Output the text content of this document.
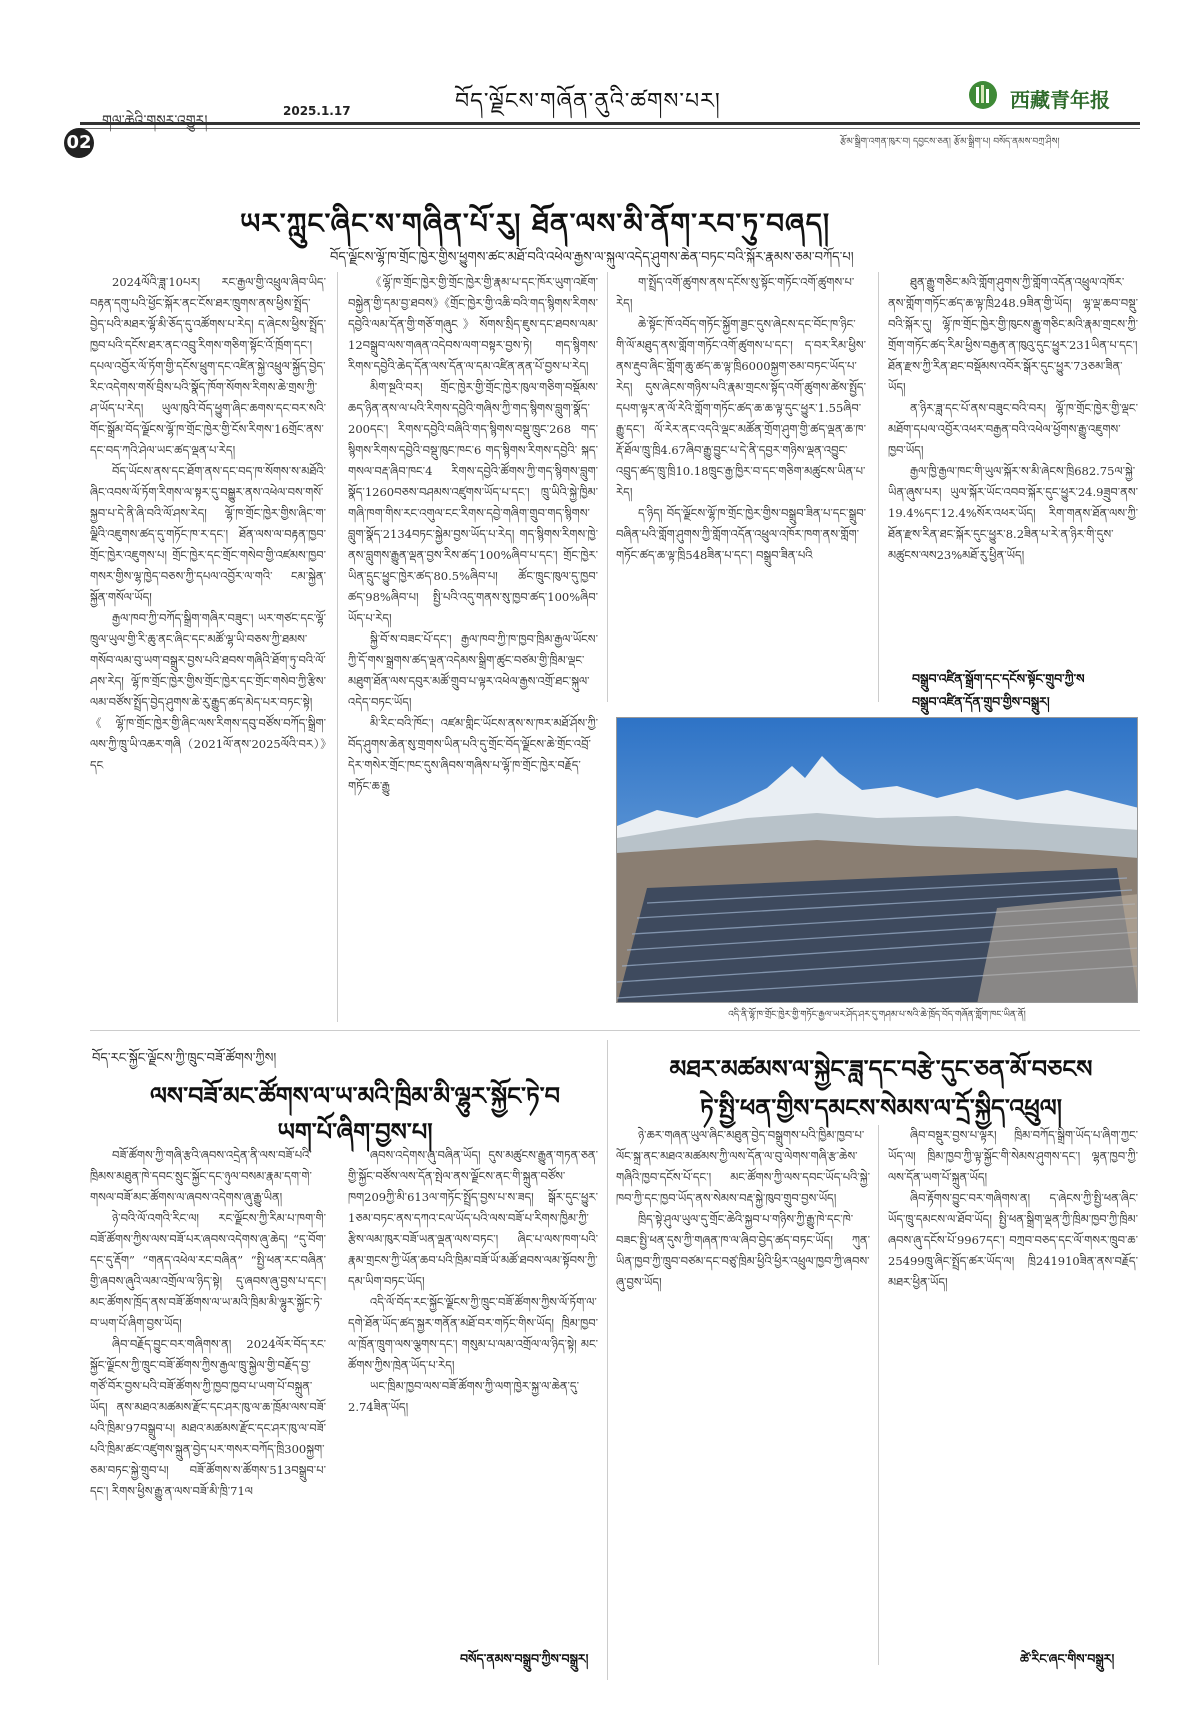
02
གལ་ཆེའི་གསར་འགྱུར།
2025.1.17	བོད་ལྗོངས་གཞོན་ནུའི་ཚགས་པར།	西藏青年报
རྩོམ་སྒྲིག་འགན་ཁུར་བ། དབྱངས་ཅན། རྩོམ་སྒྲིག་པ། བསོད་ནམས་བཀྲ་ཤིས།
ཡར་ཀླུང་ཞིང་ས་གཞིན་པོ་རུ། ཐོན་ལས་མི་ནོག་རབ་ཏུ་བཞད།
བོད་ལྗོངས་ལྷོ་ཁ་གྲོང་ཁྱེར་གྱིས་ཕྱུགས་ཚང་མཐོ་བའི་འཕེལ་རྒྱས་ལ་སྐུལ་འདེད་ཤུགས་ཆེན་བཏང་བའི་སྐོར་རྣམས་ཅམ་བཀོད་པ།

2024ལོའི་ཟླ་10པར། རང་རྒྱལ་གྱི་འཕྲུལ་ཞིབ་ཡིད་བརྟན་དགུ་པའི་ཕྱོང་སྐོར་ནང་ངོས་ཐར་ཁྲུགས་ནས་ཕྱིས་སྤྲོད་བྱེད་པའི་མཐར་ལྷོ་མི་ཅོད་དུ་འཚོགས་པ་རེད། ད་ཞེངས་ཕྱིས་སྤྲོད་ཁྱབ་པའི་དངོས་ཐར་ནང་འབྲུ་རིགས་གཅིག་སྟོང་འོ་ཁྲོག་དང་། དཔལ་འབྱོར་ལོ་ཏོག་གྱི་དངོས་ཕྲུག་དང་འཛིན་སྐྱེ་འཕྲུལ་སྐྱོད་བྱེད་རིང་འདེགས་གསོ་བྲིས་པའི་སྣོད་ཁོག་སོགས་རིགས་ཆེ་གྲས་ཀྱི་ཤ་ཡོད་པ་རེད། ཡུལ་ཁུའི་བོད་ཕྱུག་ཞིང་ཆགས་དང་བར་སའི་གོང་སྒྲོམ་བོད་ལྗོངས་ལྷོ་ཁ་གྲོང་ཁྱེར་གྱི་ངོས་རིགས་16གྲོང་ནས་དང་བད་ཀའི་ཤེལ་ཡང་ཚད་ལྡན་པ་རེད།

བོད་ཡོངས་ནས་དང་ཐོག་ནས་དང་བད་ཁ་སོགས་ས་མཐོའི་ཞིང་འབས་ལོ་ཏོག་རིགས་ལ་སྟར་དུ་བསྒྱུར་ནས་འཕེལ་བས་གསོ་སྐྱབ་པ་དེ་ནི་ཞི་བའི་ལོ་ཤས་རེད། ལྷོ་ཁ་གྲོང་ཁྱེར་གྱིས་ཞིང་ག་ལྗིའི་འཇུགས་ཚད་དུ་གཏོང་ཁ་ར་དང་། ཐོན་ལས་ལ་བརྟན་ཁྱབ་གྲོང་ཁྱེར་འཇུགས་པ། གྲོང་ཁྱེར་དང་གྲོང་གསེབ་གྱི་འཛམས་ཁྱབ་གསར་གྱིས་ལྷ་ཁྱེད་བཅས་ཀྱི་དཔལ་འབྱོར་ལ་གའི་ ངམ་སྐྱེན་སྐྱོན་གསོལ་ཡོད།

རྒྱལ་ཁབ་ཀྱི་བཀོད་སྒྲིག་གཞིར་བཟུང་། ཡར་གཙང་དང་ལྷོ་ཁྲུལ་ཡུལ་གྱི་རི་ཆུ་ནང་ཞིང་དང་མཚོ་ལྷ་ཡི་བཅས་ཀྱི་ཐམས་གསོབ་ལམ་བུ་ཡག་བསྒྲུར་བྱས་པའི་ཐབས་གཞིའི་ཐོག་ཏུ་བའི་ལོ་ཤས་རེད། ལྷོ་ཁ་གྲོང་ཁྱེར་གྱིས་གྲོང་ཁྱེར་དང་གྲོང་གསེབ་ཀྱི་རྩིས་ལམ་བཙོས་སྤྲོད་བྱེད་ཤུགས་ཆེ་རུ་རྒྱུད་ཚད་མེད་པར་བཏང་སྟེ། 《ལྷོ་ཁ་གྲོང་ཁྱེར་གྱི་ཞིང་ལས་རིགས་དབུ་བཙོས་བཀོད་སྒྲིག་ལས་ཀྱི་ཁྲུ་ཡི་འཆར་གཞི（2021ལོ་ནས་2025ལོའི་བར）》དང

《ལྷོ་ཁ་གྲོང་ཁྱེར་གྱི་གྲོང་ཁྱེར་གྱི་རྣམ་པ་དང་ཁོར་ཡུག་འཇོག་བསྐྱེན་གྱི་དམ་བྱ་ཐབས》《གྲོང་ཁྱེར་གྱི་འཆི་བའི་གད་སྙིགས་རིགས་དབྱེའི་ལམ་དོན་གྱི་གཅོ་གཞུང》སོགས་སྲིད་ཇུས་དང་ཐབས་ལམ་12བསྒྲུབ་ལས་གཞན་འདེབས་ལག་བསྟར་བྱས་ཏེ། གད་སྙིགས་རིགས་དབྱེའི་ཆེད་དོན་ལས་དོན་ལ་དམ་འཛིན་ནན་པོ་བྱས་པ་རེད།

མིག་སྔའི་བར། གྲོང་ཁྱེར་གྱི་གྲོང་ཁྱེར་ཁུལ་གཅིག་བསྡོམས་ཆད་ཉིན་ནས་ལ་པའི་རིགས་དབྱེའི་གཞིས་ཀྱི་གད་སྙིགས་བླུག་སྣོད་200དང་། རིགས་དབྱེའི་བཞིའི་གད་སྙིགས་བསྡུ་ཁྲུང་268 གད་སྙིགས་རིགས་དབྱེའི་བསྡུ་ཁུང་ཁང་6 གད་སྙིགས་རིགས་དབྱེའི་ སྐད་གསལ་བརྡ་ཞིབ་ཁང་4 རིགས་དབྱེའི་ཚོགས་ཀྱི་གད་སྙིགས་བླུག་སྣོད་1260བཅས་བཤམས་འཛུགས་ཡོད་པ་དང་། ཁྲུ་ཡིའི་སྐྱེ་ཁྱིམ་གཞི་ཁག་གིས་རང་འགུལ་ངང་རིགས་དབྱེ་གཞིག་གྲུབ་གད་སྙིགས་བླུག་སྣོད་2134བཏང་སྐྱེམ་བྱས་ཡོད་པ་རེད། གད་སྙིགས་རིགས་ཁྱེ་ནས་བླུགས་རྒྱུན་ལྡན་བྱས་རིས་ཚད་100%ཞིབ་པ་དང་། གྲོང་ཁྱེར་ཡིན་དྲུང་ཕྱུང་ཁྱེར་ཚད་80.5%ཞིབ་པ། ཚོང་ཁྲུང་ཁུལ་དུ་ཁྱབ་ཚད་98%ཞིབ་པ། སྤྱི་པའི་འདུ་གནས་སུ་ཁྱབ་ཚད་100%ཞིབ་ཡོད་པ་རེད།

སྐྱི་བོ་ས་བཟང་པོ་དང་། རྒྱལ་ཁབ་ཀྱི་ཁ་ཁྱབ་ཁྲིམ་རྒྱལ་ཡོངས་ཀྱི་དོ་གས་སྒྲགས་ཚད་ལྡན་འདེམས་སྒྲིག་ཚུང་བཙམ་གྱི་ཁྲིམ་ལྡང་མཐུག་ཐོན་ལས་དབུར་མཚོ་གྲུབ་པ་ལྟར་འཕེལ་རྒྱས་འགྲོ་ཐང་སྐུལ་འདེད་བཏང་ཡོད།

མི་རིང་བའི་ཁོང་། འཛམ་གླིང་ཡོངས་ནས་ས་ཁར་མཐོ་ཤོས་ཀྱི་བོད་ཤུགས་ཆེན་སུ་གྲགས་ཡིན་པའི་དུ་གྲོང་བོད་ལྗོངས་ཆེ་གྲོང་འབྲོ་དེར་གསེར་གྲོང་ཁང་དུས་ཞིབས་གཞིས་པ་ལྷོ་ཁ་གྲོང་ཁྱེར་བརྗོད་གཏོང་ཆ་རྒྱུ

ག་སྤྲོད་འགོ་ཚུགས་ནས་དངོས་སུ་སྟོང་གཏོང་འགོ་ཚུགས་པ་རེད།

ཆེ་སྟོང་ཁོ་འབོད་གཏོང་སྐྱོག་ཟྱང་དུས་ཞེངས་དང་བོང་ཁ་ཉིང་གི་ལོ་མཐུད་ནས་གློག་གཏོང་འགོ་ཚུགས་པ་དང་། ད་བར་རིམ་ཕྱིས་ནས་རྡུབ་ཞིང་གློག་ཆུ་ཚད་ཆ་ལྟ་ཁྲི6000སྐྱག་ཅམ་བཏང་ཡོད་པ་རེད། དུས་ཞེངས་གཉིས་པའི་རྣམ་གྲངས་སྟོད་འགོ་ཚུགས་ཚེས་སྤྱོད་དཔག་ལྟར་ན་ལོ་རེའི་གློག་གཏོང་ཚད་ཆ་ཆ་ལྟ་དུང་ཕྱུར་1.55ཞིབ་རྒྱུ་དང་། ལོ་རེར་ནང་འདའི་ལྡང་མཚོན་གྲོག་ཤུག་གྱི་ཚད་ལྡན་ཆ་ཁ་རྡོ་ཐོལ་ཁྲུ་ཁྲི4.67ཞིབ་རྒྱུ་བྱུང་པ་དེ་ནི་དབྱར་གཉིས་ལྡན་འབྱུང་འབྲུད་ཚད་ཁྲུ་ཁྲི10.18ཁྲུང་རྒྱ་ཁྱིར་བ་དང་གཅིག་མཚུངས་ཡིན་པ་རེད།

ད་ཉིད། བོད་ལྗོངས་ལྷོ་ཁ་གྲོང་ཁྱེར་གྱིས་བསྒྲུབ་ཟིན་པ་དང་སྒྲུབ་བཞིན་པའི་གློག་ཤུགས་ཀྱི་གློག་འདོན་འཕྲུལ་འཁོར་ཁག་ནས་གློག་གཏོང་ཚད་ཆ་ལྟ་ཁྲི548ཟིན་པ་དང་། བསྒྲུབ་ཟིན་པའི

ཐུན་རྒྱུ་གཅིང་མའི་གློག་ཤུགས་ཀྱི་གློག་འདོན་འཕྲུལ་འཁོར་ནས་གློག་གཏོང་ཚད་ཆ་ལྟ་ཁྲི248.9ཟིན་གྱི་ཡོད། ལྷ་ལྡ་ཆབ་བསྡུ་བའི་སྐོར་དུ། ལྷོ་ཁ་གྲོང་ཁྱེར་གྱི་ཁུངས་རྒྱུ་གཅིང་མའི་རྣམ་གྲངས་ཀྱི་གྲོག་གཏོང་ཚད་རིམ་ཕྱིས་བརྒྱན་ན་ཁུའུ་དུང་ཕྱུར་231ཡིན་པ་དང་། ཐོན་རྫས་ཀྱི་རིན་ཐང་བསྡོམས་འབོར་སྒོར་དུང་ཕྱུར་73ཅམ་ཟིན་ཡོད།

ན་ཉིར་ཟླ་དང་པོ་ནས་བཟུང་བའི་བར། ལྷོ་ཁ་གྲོང་ཁྱེར་གྱི་ལྡང་མཐོག་དཔལ་འབྱོར་འཕར་བརྒྱན་བའི་འཕེལ་ཕྱོགས་རྒྱུ་འཇུགས་ཁྱབ་ཡོད།

རྒྱལ་ཁྱི་རྒྱལ་ཁང་གི་ཡུལ་སྐོར་ས་མི་ཞེངས་ཁྲི682.75ལ་སྐྱེ་ཡིན་ཞུས་པར། ཡུལ་སྐོར་ཡོང་འབབ་སྐོར་དུང་ཕྱུར་24.9ཟྲུབ་ནས་19.4%དང་12.4%སོར་འཕར་ཡོད། རིག་གནས་ཐོན་ལས་ཀྱི་ཐོན་རྫས་རིན་ཐང་སྐོར་དུང་ཕྱུར་8.2ཟིན་པ་རེ་ན་ཉིར་གི་དུས་མཚུངས་ལས23%མཐོ་རུ་ཕྱིན་ཡོད།

བསྒྲུབ་འཛིན་སྒྲོག་དང་དངོས་སྟོང་གྲུབ་ཀྱི་ས
བསྒྲུབ་འཛིན་དོན་གྲུབ་གྱིས་བསྒྲུར།
འདི་ནི་ལྷོ་ཁ་གྲོང་ཁྱེར་གྱི་གཏོང་རྒྱལ་ཡར་ཤོད་ཤར་དུ་གཤམ་པ་སའི་ཆེ་ཁྲོད་བོད་གཞོན་གློག་ཁང་ཡིན་ནོ།
བོད་རང་སྐྱོང་ལྗོངས་ཀྱི་ཁྲུང་བཟོ་ཚོགས་ཀྱིས།
ལས་བཟོ་མང་ཚོགས་ལ་ཡ་མའི་ཁྲིམ་མི་ལྷུར་སྐྱོང་ཏེ་བ
ཡག་པོ་ཞིག་བྱས་པ།

བཟོ་ཚོགས་ཀྱི་གཞི་རྩའི་ཞབས་འདྲེན་ནི་ལས་བཟོ་པའི་ཁྲིམས་མཐུན་ཁེ་དབང་སྲུང་སྐྱོང་དང་ཉུལ་བསམ་རྣམ་དག་གེ་གསལ་བཟོ་མང་ཚོགས་ལ་ཞབས་འདེགས་ཞུ་རྒྱུ་ཡིན།

ཉེ་བའི་ལོ་འགའི་རིང་ལ། རང་ལྗོངས་ཀྱི་རིམ་པ་ཁག་གི་བཟོ་ཚོགས་ཀྱིས་ལས་བཟོ་པར་ཞབས་འདེགས་ཞུ་ཆེད། “དུ་བོག་དང་དུ་རྡོག” “གནད་འཕེལ་རང་བཞིན” “སྤྱི་ཕན་རང་བཞིན་གྱི་ཞབས་ཞུའི་ལམ་འགྲོལ་ལ་ཉིད་སྟེ། དུ་ཞབས་ཞུ་བྱས་པ་དང་། མང་ཚོགས་ཁྲོད་ནས་བཟོ་ཚོགས་ལ་ཡ་མའི་ཁྲིམ་མི་ལྷུར་སྐྱོང་ཏེ་བ་ཡག་པོ་ཞིག་བྱས་ཡོད།

ཞིབ་བརྗོད་བྱུང་བར་གཞིགས་ན། 2024ལོར་བོད་རང་སྐྱོང་ལྗོངས་ཀྱི་ཁྲུང་བཟོ་ཚོགས་ཀྱིས་རྒྱལ་ཁྲུ་སྐྱེལ་གྱི་བརྗོད་བྱ་གཙོ་བོར་བྱས་པའི་བཟོ་ཚོགས་ཀྱི་ཁྱབ་ཁྱབ་པ་ཡག་པོ་བསྐྲུན་ཡོད། ནས་མཐའ་མཚམས་རྫོང་དང་ཤར་ཁུ་ལ་ཆ་ཁྲོམ་ལས་བཟོ་པའི་ཁྲིམ་97བསྒྲུབ་པ། མཐའ་མཚམས་རྫོང་དང་ཤར་ཁུ་ལ་བཟོ་པའི་ཁྲིམ་ཚང་འཛུགས་སྐྲུན་བྱེད་པར་གསར་བཀོད་ཁྲི300སྐྱག་ཅམ་བཏང་སྐྱེ་གྲུབ་པ། བཟོ་ཚོགས་ས་ཚོགས་513བསྒྲུབ་པ་དང་། རིགས་ཕྱིས་རྒྱུ་ན་ལས་བཟོ་མི་ཁྲི་71ལ

ཞབས་འདེགས་ཞུ་བཞིན་ཡོད། དུས་མཚུངས་རྒྱུན་གཏན་ཅན་གྱི་སྐྱོང་བཙོས་ལས་དོན་སྤེལ་ནས་ལྗོངས་ནང་གི་སྐྲུན་བཙོས་ཁག209ཀྱི་མི་613ལ་གཏོང་སྤྲོད་བྱས་པ་ས་ཟད། སྒོར་དུང་ཕྱུར་1ཅམ་བཏང་ནས་དཀའ་ངལ་ཡོད་པའི་ལས་བཟོ་པ་རིགས་ཁྱིམ་ཀྱི་རྩིས་ལམ་ཁུར་བཟོ་ཡན་ལྡན་ལས་བཏང་། ཞིང་པ་ལས་ཁག་པའི་རྣམ་གྲངས་ཀྱི་ཡོན་ཆབ་པའི་ཁྲིམ་བཟོ་ཡོ་མཚོ་ཐབས་ལམ་སྟོབས་ཀྱི་དམ་ཡིག་བཏང་ཡོད།

འདི་ལོ་བོད་རང་སྐྱོང་ལྗོངས་ཀྱི་ཁྲུང་བཟོ་ཚོགས་ཀྱིས་ལོ་ཏོག་ལ་དགེ་ཐོན་ཡོད་ཚད་སྐྱར་གནོན་མཐོ་བར་གཏོང་གིས་ཡོད། ཁྲིམ་ཁྱབ་ལ་ཁྲོན་ཁྲུག་ལས་ལྕགས་དང་། གསུམ་པ་ལམ་འགྲོལ་ལ་ཉིད་སྟེ། མང་ཚོགས་ཀྱིས་ཁྲེན་ཡོད་པ་རེད།

ཡང་ཁྲིམ་ཁྱབ་ལས་བཟོ་ཚོགས་ཀྱི་ལག་ཁྱེར་སྐྱ་ལ་ཆེན་དུ་2.74ཟིན་ཡོད།

བསོད་ནམས་བསྒྲུབ་ཀྱིས་བསྒྲུར།
མཐར་མཚམས་ལ་སྐྱེང་ཟླ་དང་བརྩེ་དུང་ཅན་མོ་བཅངས
ཏེ་སྤྱི་ཕན་གྱིས་དམངས་སེམས་ལ་དྲོ་སྐྱིད་འཕྲུལ།

ཉེ་ཆར་གཞན་ཡུལ་ཞིང་མཐུན་བྱེད་བསྒྲུགས་པའི་ཁྱིམ་ཁྱབ་པ་ལོང་སྐྲ་ནང་མཐའ་མཚམས་ཀྱི་ལས་དོན་ལ་བུ་ལེགས་གཞི་རྩ་ཆེས་གཞིའི་ཁྱབ་དངོས་པོ་དང་། མང་ཚོགས་ཀྱི་ལས་དབང་ཡོད་པའི་སྐྱེ་ཁབ་ཀྱི་དང་ཁྱབ་ཡོད་ནས་སེམས་བརྡ་སྐྱེ་ཁུབ་གྲུབ་བྱས་ཡོད།

ཁྲིད་སྟེ་ཤུལ་ཡུལ་དུ་གྲོང་ཆེའི་སྐྱབ་པ་གཉིས་ཀྱི་རྒྱུ་ཁེ་དང་ཁེ་བཟང་སྤྱི་ཕན་དུས་ཀྱི་གཞན་ཁ་ལ་ཞིབ་བྱེད་ཚད་བཏང་ཡོད། ཀུན་ཡིན་ཁྱབ་ཀྱི་ཁྲུབ་བཙམ་དང་བཙུ་ཁྲིམ་ཕྱིའི་ཕྱིར་འཕྲུལ་ཁྱབ་ཀྱི་ཞབས་ཞུ་བྱས་ཡོད།

ཞིབ་བསྡུར་བྱས་པ་ལྟར། ཁྲིམ་བཀོད་སྒྲིག་ཡོད་པ་ཞིག་ཀྱང་ཡོད་ལ། ཁྲིམ་ཁྱབ་ཀྱི་ལྟ་སྐྱོང་གི་སེམས་ཤུགས་དང་། ལྷན་ཁྱབ་ཀྱི་ལས་དོན་ཡག་པོ་སྐྲུན་ཡོད།

ཞིབ་རྟོགས་བྱུང་བར་གཞིགས་ན། ད་ཞེངས་ཀྱི་སྤྱི་ཕན་ཞིང་ཡོད་ཁྲུ་དམངས་ལ་ཐོབ་ཡོད། སྤྱི་ཕན་སྒྲིག་ལྡན་ཀྱི་ཁྲིམ་ཁྱབ་ཀྱི་ཁྲིམ་ཞབས་ཞུ་དངོས་པོ་9967དང་། བཀྲབ་བཅད་དང་ལོ་གསར་ཁྲུབ་ཆ་25499ཁྲུ་ཞིང་སྤྲོད་ཚར་ཡོད་ལ། ཁྲི241910ཟིན་ནས་བརྗོད་མཐར་ཕྱིན་ཡོད།

ཚེ་རིང་ཞང་གིས་བསྒྲུར།
